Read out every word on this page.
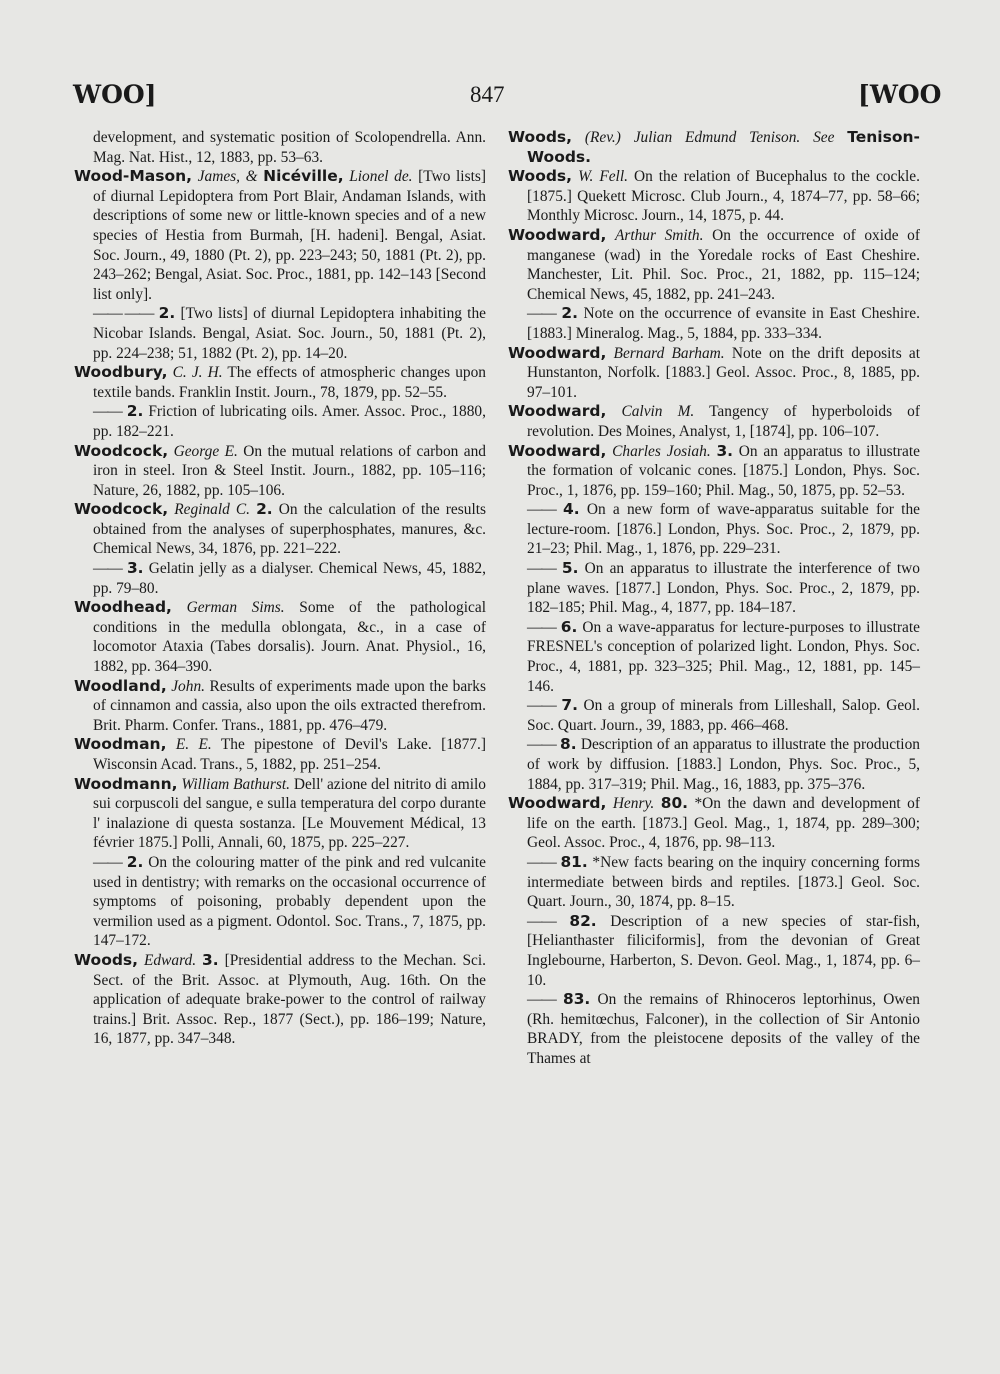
WOO]	847	[WOO

development, and systematic position of Scolopendrella. Ann. Mag. Nat. Hist., 12, 1883, pp. 53–63.

Wood-Mason, James, & Nicéville, Lionel de. [Two lists] of diurnal Lepidoptera from Port Blair, Andaman Islands, with descriptions of some new or little-known species and of a new species of Hestia from Burmah, [H. hadeni]. Bengal, Asiat. Soc. Journ., 49, 1880 (Pt. 2), pp. 223–243; 50, 1881 (Pt. 2), pp. 243–262; Bengal, Asiat. Soc. Proc., 1881, pp. 142–143 [Second list only].

—— —— 2. [Two lists] of diurnal Lepidoptera inhabiting the Nicobar Islands. Bengal, Asiat. Soc. Journ., 50, 1881 (Pt. 2), pp. 224–238; 51, 1882 (Pt. 2), pp. 14–20.

Woodbury, C. J. H. The effects of atmospheric changes upon textile bands. Franklin Instit. Journ., 78, 1879, pp. 52–55.

—— 2. Friction of lubricating oils. Amer. Assoc. Proc., 1880, pp. 182–221.

Woodcock, George E. On the mutual relations of carbon and iron in steel. Iron & Steel Instit. Journ., 1882, pp. 105–116; Nature, 26, 1882, pp. 105–106.

Woodcock, Reginald C. 2. On the calculation of the results obtained from the analyses of superphosphates, manures, &c. Chemical News, 34, 1876, pp. 221–222.

—— 3. Gelatin jelly as a dialyser. Chemical News, 45, 1882, pp. 79–80.

Woodhead, German Sims. Some of the pathological conditions in the medulla oblongata, &c., in a case of locomotor Ataxia (Tabes dorsalis). Journ. Anat. Physiol., 16, 1882, pp. 364–390.

Woodland, John. Results of experiments made upon the barks of cinnamon and cassia, also upon the oils extracted therefrom. Brit. Pharm. Confer. Trans., 1881, pp. 476–479.

Woodman, E. E. The pipestone of Devil's Lake. [1877.] Wisconsin Acad. Trans., 5, 1882, pp. 251–254.

Woodmann, William Bathurst. Dell' azione del nitrito di amilo sui corpuscoli del sangue, e sulla temperatura del corpo durante l' inalazione di questa sostanza. [Le Mouvement Médical, 13 février 1875.] Polli, Annali, 60, 1875, pp. 225–227.

—— 2. On the colouring matter of the pink and red vulcanite used in dentistry; with remarks on the occasional occurrence of symptoms of poisoning, probably dependent upon the vermilion used as a pigment. Odontol. Soc. Trans., 7, 1875, pp. 147–172.

Woods, Edward. 3. [Presidential address to the Mechan. Sci. Sect. of the Brit. Assoc. at Plymouth, Aug. 16th. On the application of adequate brake-power to the control of railway trains.] Brit. Assoc. Rep., 1877 (Sect.), pp. 186–199; Nature, 16, 1877, pp. 347–348.

Woods, (Rev.) Julian Edmund Tenison. See Tenison-Woods.

Woods, W. Fell. On the relation of Bucephalus to the cockle. [1875.] Quekett Microsc. Club Journ., 4, 1874–77, pp. 58–66; Monthly Microsc. Journ., 14, 1875, p. 44.

Woodward, Arthur Smith. On the occurrence of oxide of manganese (wad) in the Yoredale rocks of East Cheshire. Manchester, Lit. Phil. Soc. Proc., 21, 1882, pp. 115–124; Chemical News, 45, 1882, pp. 241–243.

—— 2. Note on the occurrence of evansite in East Cheshire. [1883.] Mineralog. Mag., 5, 1884, pp. 333–334.

Woodward, Bernard Barham. Note on the drift deposits at Hunstanton, Norfolk. [1883.] Geol. Assoc. Proc., 8, 1885, pp. 97–101.

Woodward, Calvin M. Tangency of hyperboloids of revolution. Des Moines, Analyst, 1, [1874], pp. 106–107.

Woodward, Charles Josiah. 3. On an apparatus to illustrate the formation of volcanic cones. [1875.] London, Phys. Soc. Proc., 1, 1876, pp. 159–160; Phil. Mag., 50, 1875, pp. 52–53.

—— 4. On a new form of wave-apparatus suitable for the lecture-room. [1876.] London, Phys. Soc. Proc., 2, 1879, pp. 21–23; Phil. Mag., 1, 1876, pp. 229–231.

—— 5. On an apparatus to illustrate the interference of two plane waves. [1877.] London, Phys. Soc. Proc., 2, 1879, pp. 182–185; Phil. Mag., 4, 1877, pp. 184–187.

—— 6. On a wave-apparatus for lecture-purposes to illustrate FRESNEL's conception of polarized light. London, Phys. Soc. Proc., 4, 1881, pp. 323–325; Phil. Mag., 12, 1881, pp. 145–146.

—— 7. On a group of minerals from Lilleshall, Salop. Geol. Soc. Quart. Journ., 39, 1883, pp. 466–468.

—— 8. Description of an apparatus to illustrate the production of work by diffusion. [1883.] London, Phys. Soc. Proc., 5, 1884, pp. 317–319; Phil. Mag., 16, 1883, pp. 375–376.

Woodward, Henry. 80. *On the dawn and development of life on the earth. [1873.] Geol. Mag., 1, 1874, pp. 289–300; Geol. Assoc. Proc., 4, 1876, pp. 98–113.

—— 81. *New facts bearing on the inquiry concerning forms intermediate between birds and reptiles. [1873.] Geol. Soc. Quart. Journ., 30, 1874, pp. 8–15.

—— 82. Description of a new species of star-fish, [Helianthaster filiciformis], from the devonian of Great Inglebourne, Harberton, S. Devon. Geol. Mag., 1, 1874, pp. 6–10.

—— 83. On the remains of Rhinoceros leptorhinus, Owen (Rh. hemitœchus, Falconer), in the collection of Sir Antonio BRADY, from the pleistocene deposits of the valley of the Thames at
